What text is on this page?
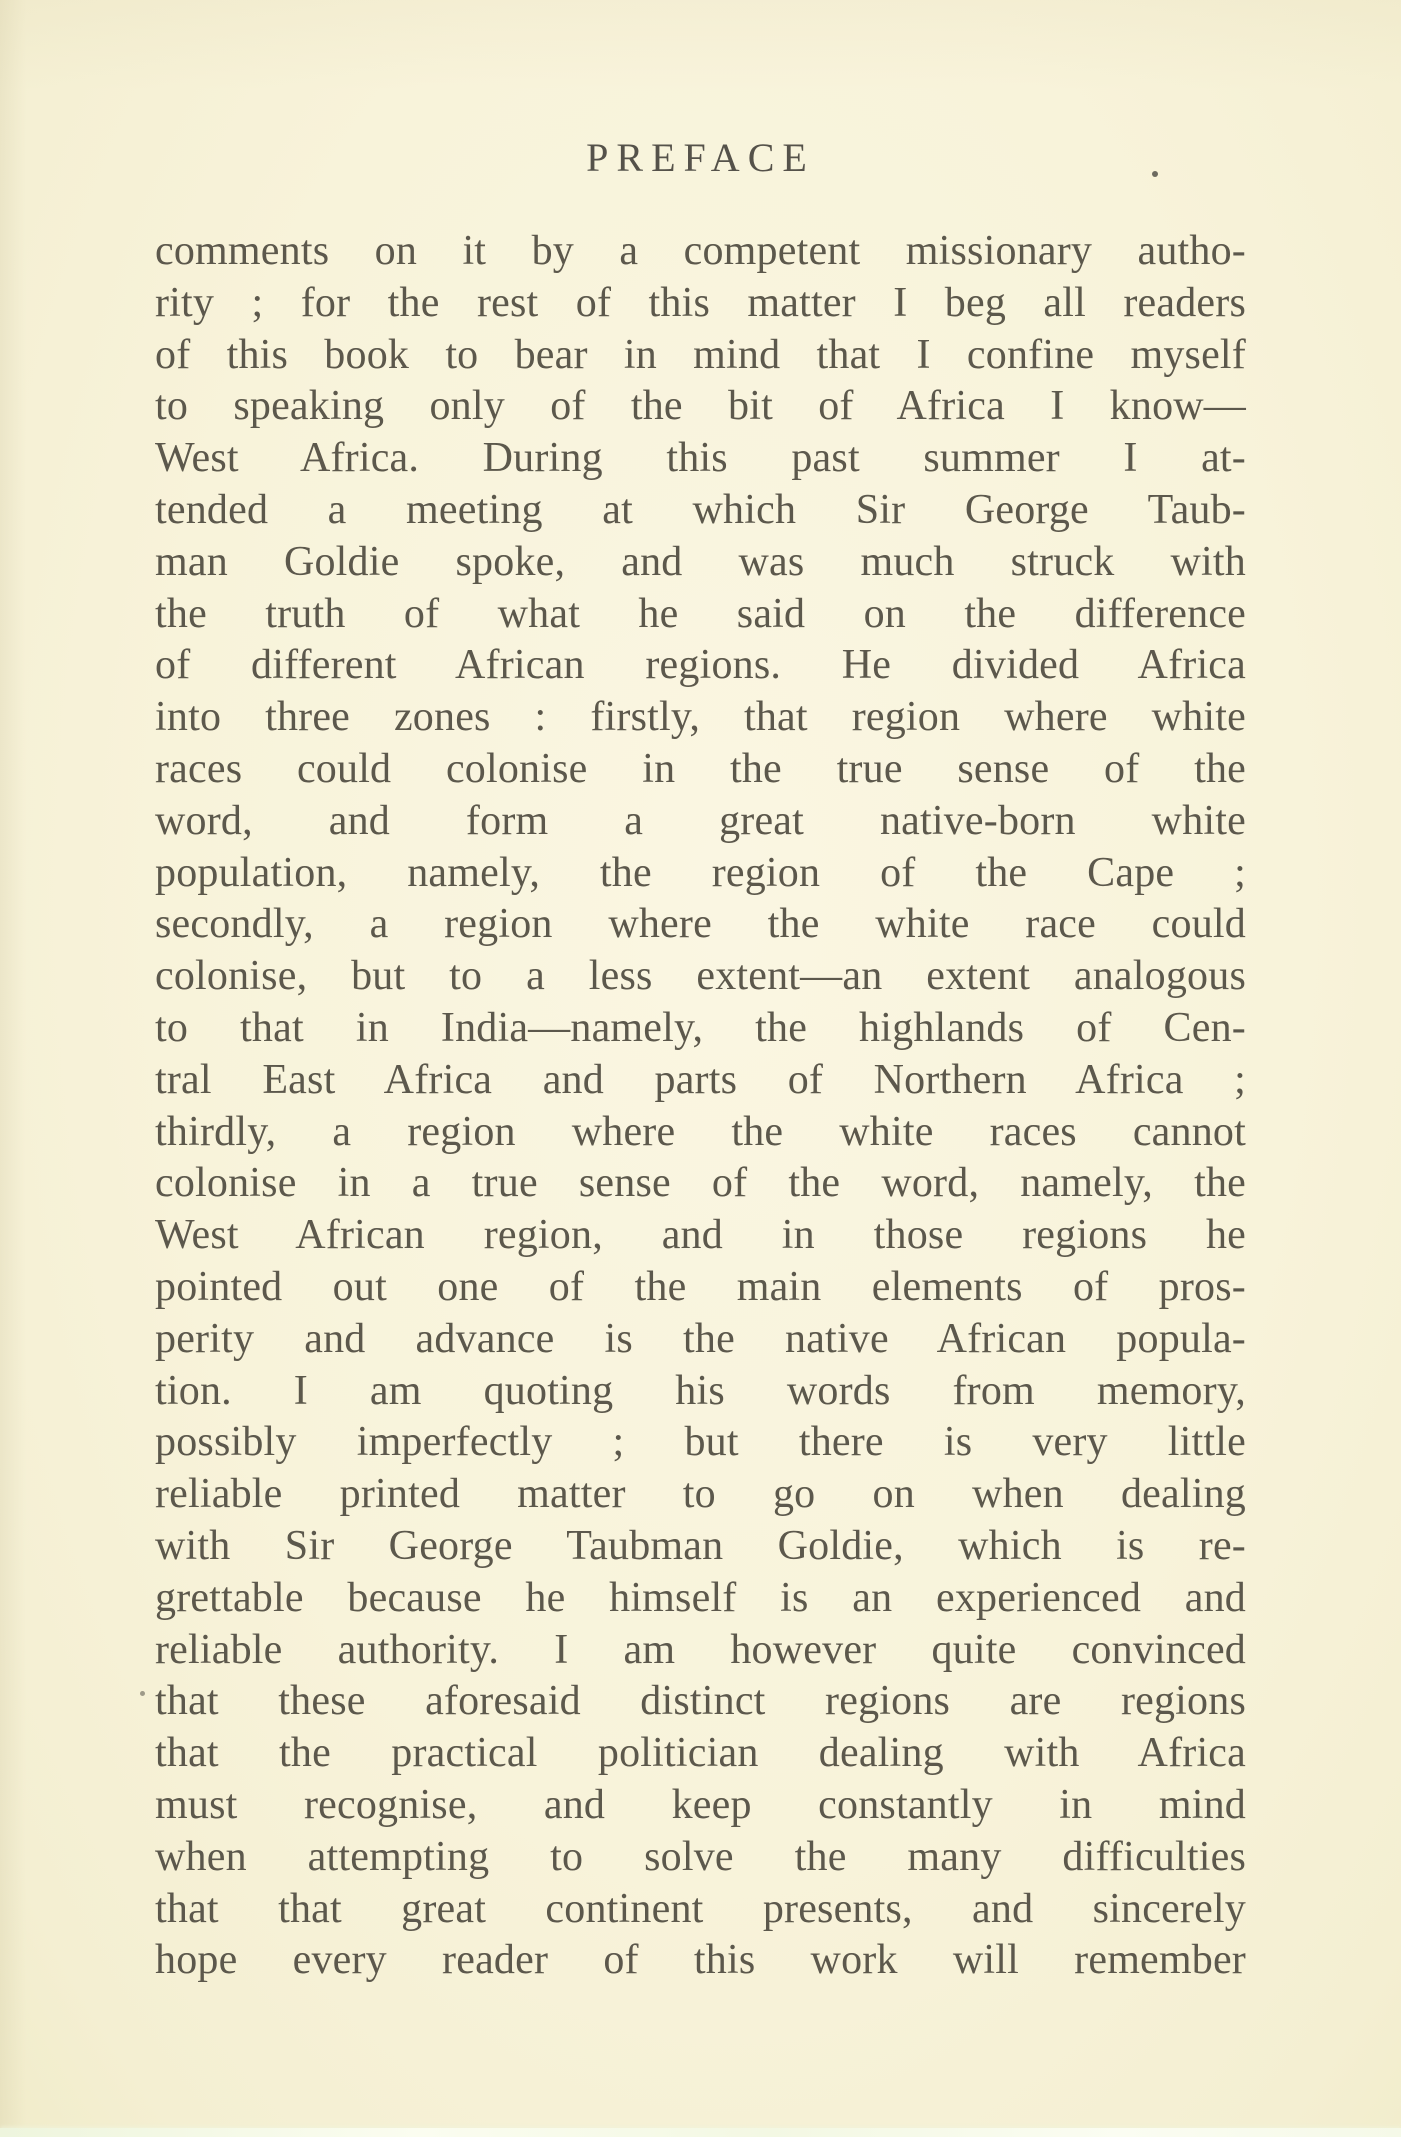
PREFACE
comments on it by a competent missionary autho-
rity ; for the rest of this matter I beg all readers
of this book to bear in mind that I confine myself
to speaking only of the bit of Africa I know—
West Africa. During this past summer I at-
tended a meeting at which Sir George Taub-
man Goldie spoke, and was much struck with
the truth of what he said on the difference
of different African regions. He divided Africa
into three zones : firstly, that region where white
races could colonise in the true sense of the
word, and form a great native-born white
population, namely, the region of the Cape ;
secondly, a region where the white race could
colonise, but to a less extent—an extent analogous
to that in India—namely, the highlands of Cen-
tral East Africa and parts of Northern Africa ;
thirdly, a region where the white races cannot
colonise in a true sense of the word, namely, the
West African region, and in those regions he
pointed out one of the main elements of pros-
perity and advance is the native African popula-
tion. I am quoting his words from memory,
possibly imperfectly ; but there is very little
reliable printed matter to go on when dealing
with Sir George Taubman Goldie, which is re-
grettable because he himself is an experienced and
reliable authority. I am however quite convinced
that these aforesaid distinct regions are regions
that the practical politician dealing with Africa
must recognise, and keep constantly in mind
when attempting to solve the many difficulties
that that great continent presents, and sincerely
hope every reader of this work will remember
